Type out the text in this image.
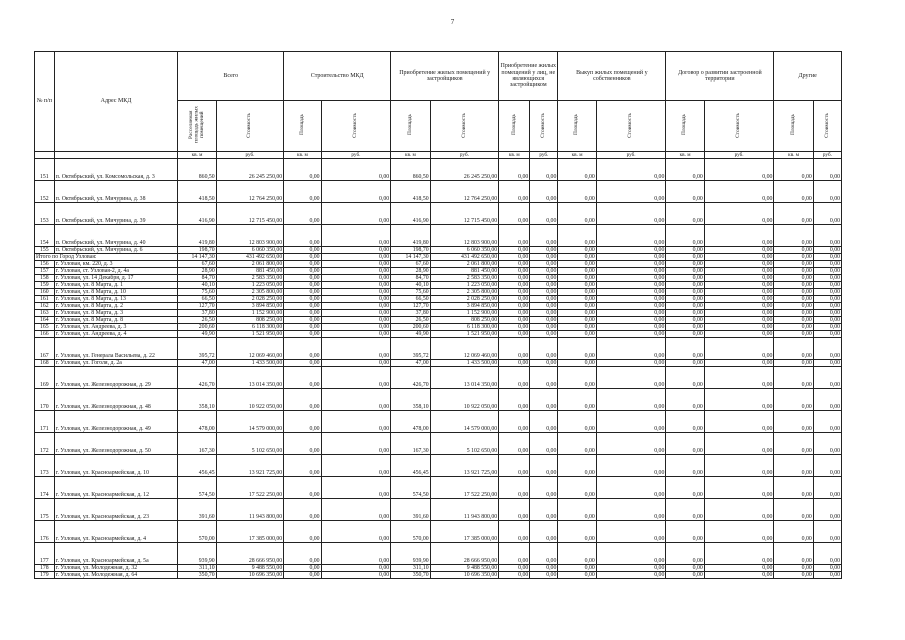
7
№ п/п	Адрес МКД	Всего		Строительство МКД		Приобретение жилых помещений у застройщиков		Приобретение жилых помещений у лиц, не являющихся застройщиком		Выкуп жилых помещений у собственников		Договор о развитии застроенной территории		Другие	
		Расселяемая площадь жилых помещений	Стоимость	Площадь	Стоимость	Площадь	Стоимость	Площадь	Стоимость	Площадь	Стоимость	Площадь	Стоимость	Площадь	Стоимость
		кв. м	руб.	кв. м	руб.	кв. м	руб.	кв. м	руб.	кв. м	руб.	кв. м	руб.	кв. м	руб.
151	п. Октябрьский, ул. Комсомольская, д. 3	860,50	26 245 250,00	0,00	0,00	860,50	26 245 250,00	0,00	0,00	0,00	0,00	0,00	0,00	0,00	0,00
152	п. Октябрьский, ул. Мичурина, д. 38	418,50	12 764 250,00	0,00	0,00	418,50	12 764 250,00	0,00	0,00	0,00	0,00	0,00	0,00	0,00	0,00
153	п. Октябрьский, ул. Мичурина, д. 39	416,90	12 715 450,00	0,00	0,00	416,90	12 715 450,00	0,00	0,00	0,00	0,00	0,00	0,00	0,00	0,00
154	п. Октябрьский, ул. Мичурина, д. 40	419,80	12 803 900,00	0,00	0,00	419,80	12 803 900,00	0,00	0,00	0,00	0,00	0,00	0,00	0,00	0,00
155	п. Октябрьский, ул. Мичурина, д. 6	198,70	6 060 350,00	0,00	0,00	198,70	6 060 350,00	0,00	0,00	0,00	0,00	0,00	0,00	0,00	0,00
Итого по Город Узловая:		14 147,30	431 492 650,00	0,00	0,00	14 147,30	431 492 650,00	0,00	0,00	0,00	0,00	0,00	0,00	0,00	0,00
156	г. Узловая, км. 220, д. 3	67,60	2 061 800,00	0,00	0,00	67,60	2 061 800,00	0,00	0,00	0,00	0,00	0,00	0,00	0,00	0,00
157	г. Узловая, ст. Узловая-2, д. 4а	28,90	881 450,00	0,00	0,00	28,90	881 450,00	0,00	0,00	0,00	0,00	0,00	0,00	0,00	0,00
158	г. Узловая, ул. 14 Декабря, д. 17	84,70	2 583 350,00	0,00	0,00	84,70	2 583 350,00	0,00	0,00	0,00	0,00	0,00	0,00	0,00	0,00
159	г. Узловая, ул. 8 Марта, д. 1	40,10	1 223 050,00	0,00	0,00	40,10	1 223 050,00	0,00	0,00	0,00	0,00	0,00	0,00	0,00	0,00
160	г. Узловая, ул. 8 Марта, д. 10	75,60	2 305 800,00	0,00	0,00	75,60	2 305 800,00	0,00	0,00	0,00	0,00	0,00	0,00	0,00	0,00
161	г. Узловая, ул. 8 Марта, д. 13	66,50	2 028 250,00	0,00	0,00	66,50	2 028 250,00	0,00	0,00	0,00	0,00	0,00	0,00	0,00	0,00
162	г. Узловая, ул. 8 Марта, д. 2	127,70	3 894 850,00	0,00	0,00	127,70	3 894 850,00	0,00	0,00	0,00	0,00	0,00	0,00	0,00	0,00
163	г. Узловая, ул. 8 Марта, д. 3	37,80	1 152 900,00	0,00	0,00	37,80	1 152 900,00	0,00	0,00	0,00	0,00	0,00	0,00	0,00	0,00
164	г. Узловая, ул. 8 Марта, д. 8	26,50	808 250,00	0,00	0,00	26,50	808 250,00	0,00	0,00	0,00	0,00	0,00	0,00	0,00	0,00
165	г. Узловая, ул. Андреева, д. 3	200,60	6 118 300,00	0,00	0,00	200,60	6 118 300,00	0,00	0,00	0,00	0,00	0,00	0,00	0,00	0,00
166	г. Узловая, ул. Андреева, д. 4	49,90	1 521 950,00	0,00	0,00	49,90	1 521 950,00	0,00	0,00	0,00	0,00	0,00	0,00	0,00	0,00
167	г. Узловая, ул. Генерала Васильева, д. 22	395,72	12 069 460,00	0,00	0,00	395,72	12 069 460,00	0,00	0,00	0,00	0,00	0,00	0,00	0,00	0,00
168	г. Узловая, ул. Гоголя, д. 2а	47,00	1 433 500,00	0,00	0,00	47,00	1 433 500,00	0,00	0,00	0,00	0,00	0,00	0,00	0,00	0,00
169	г. Узловая, ул. Железнодорожная, д. 29	426,70	13 014 350,00	0,00	0,00	426,70	13 014 350,00	0,00	0,00	0,00	0,00	0,00	0,00	0,00	0,00
170	г. Узловая, ул. Железнодорожная, д. 48	358,10	10 922 050,00	0,00	0,00	358,10	10 922 050,00	0,00	0,00	0,00	0,00	0,00	0,00	0,00	0,00
171	г. Узловая, ул. Железнодорожная, д. 49	478,00	14 579 000,00	0,00	0,00	478,00	14 579 000,00	0,00	0,00	0,00	0,00	0,00	0,00	0,00	0,00
172	г. Узловая, ул. Железнодорожная, д. 50	167,30	5 102 650,00	0,00	0,00	167,30	5 102 650,00	0,00	0,00	0,00	0,00	0,00	0,00	0,00	0,00
173	г. Узловая, ул. Красноармейская, д. 10	456,45	13 921 725,00	0,00	0,00	456,45	13 921 725,00	0,00	0,00	0,00	0,00	0,00	0,00	0,00	0,00
174	г. Узловая, ул. Красноармейская, д. 12	574,50	17 522 250,00	0,00	0,00	574,50	17 522 250,00	0,00	0,00	0,00	0,00	0,00	0,00	0,00	0,00
175	г. Узловая, ул. Красноармейская, д. 23	391,60	11 943 800,00	0,00	0,00	391,60	11 943 800,00	0,00	0,00	0,00	0,00	0,00	0,00	0,00	0,00
176	г. Узловая, ул. Красноармейская, д. 4	570,00	17 385 000,00	0,00	0,00	570,00	17 385 000,00	0,00	0,00	0,00	0,00	0,00	0,00	0,00	0,00
177	г. Узловая, ул. Красноармейская, д. 5а	939,90	28 666 950,00	0,00	0,00	939,90	28 666 950,00	0,00	0,00	0,00	0,00	0,00	0,00	0,00	0,00
178	г. Узловая, ул. Молодежная, д. 32	311,10	9 488 550,00	0,00	0,00	311,10	9 488 550,00	0,00	0,00	0,00	0,00	0,00	0,00	0,00	0,00
179	г. Узловая, ул. Молодежная, д. 64	350,70	10 696 350,00	0,00	0,00	350,70	10 696 350,00	0,00	0,00	0,00	0,00	0,00	0,00	0,00	0,00
